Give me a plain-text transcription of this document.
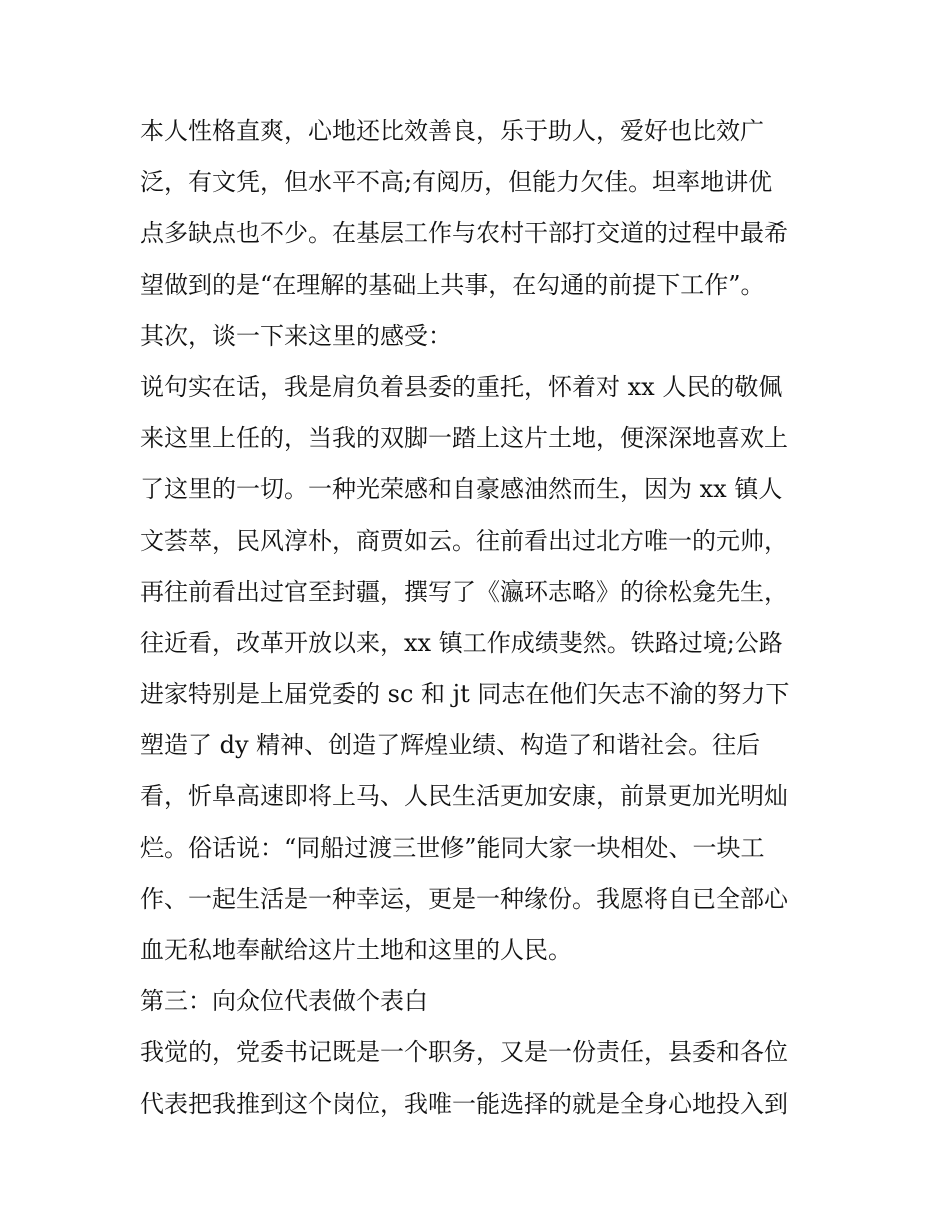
本人性格直爽，心地还比效善良，乐于助人，爱好也比效广
泛，有文凭，但水平不高;有阅历，但能力欠佳。坦率地讲优
点多缺点也不少。在基层工作与农村干部打交道的过程中最希
望做到的是“在理解的基础上共事，在勾通的前提下工作”。
其次，谈一下来这里的感受：
说句实在话，我是肩负着县委的重托，怀着对 xx 人民的敬佩
来这里上任的，当我的双脚一踏上这片土地，便深深地喜欢上
了这里的一切。一种光荣感和自豪感油然而生，因为 xx 镇人
文荟萃，民风淳朴，商贾如云。往前看出过北方唯一的元帅，
再往前看出过官至封疆，撰写了《瀛环志略》的徐松龛先生，
往近看，改革开放以来，xx 镇工作成绩斐然。铁路过境;公路
进家特别是上届党委的 sc 和 jt 同志在他们矢志不渝的努力下
塑造了 dy 精神、创造了辉煌业绩、构造了和谐社会。往后
看，忻阜高速即将上马、人民生活更加安康，前景更加光明灿
烂。俗话说：“同船过渡三世修”能同大家一块相处、一块工
作、一起生活是一种幸运，更是一种缘份。我愿将自已全部心
血无私地奉献给这片土地和这里的人民。
第三：向众位代表做个表白
我觉的，党委书记既是一个职务，又是一份责任，县委和各位
代表把我推到这个岗位，我唯一能选择的就是全身心地投入到
